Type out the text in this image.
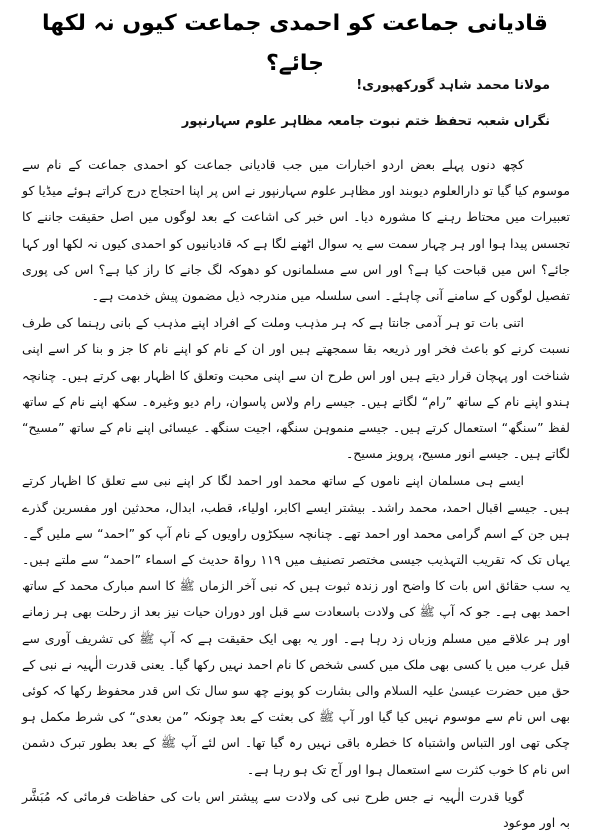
قادیانی جماعت کو احمدی جماعت کیوں نہ لکھا جائے؟
مولانا محمد شاہد گورکھپوری!
نگراں شعبہ تحفظ ختم نبوت جامعہ مظاہر علوم سہارنپور

کچھ دنوں پہلے بعض اردو اخبارات میں جب قادیانی جماعت کو احمدی جماعت کے نام سے موسوم کیا گیا تو دارالعلوم دیوبند اور مظاہر علوم سہارنپور نے اس پر اپنا احتجاج درج کراتے ہوئے میڈیا کو تعبیرات میں محتاط رہنے کا مشورہ دیا۔ اس خبر کی اشاعت کے بعد لوگوں میں اصل حقیقت جاننے کا تجسس پیدا ہوا اور ہر چہار سمت سے یہ سوال اٹھنے لگا ہے کہ قادیانیوں کو احمدی کیوں نہ لکھا اور کہا جائے؟ اس میں قباحت کیا ہے؟ اور اس سے مسلمانوں کو دھوکہ لگ جانے کا راز کیا ہے؟ اس کی پوری تفصیل لوگوں کے سامنے آنی چاہئے۔ اسی سلسلہ میں مندرجہ ذیل مضمون پیش خدمت ہے۔

اتنی بات تو ہر آدمی جانتا ہے کہ ہر مذہب وملت کے افراد اپنے مذہب کے بانی رہنما کی طرف نسبت کرنے کو باعث فخر اور ذریعہ بقا سمجھتے ہیں اور ان کے نام کو اپنے نام کا جز و بنا کر اسے اپنی شناخت اور پہچان قرار دیتے ہیں اور اس طرح ان سے اپنی محبت وتعلق کا اظہار بھی کرتے ہیں۔ چنانچہ ہندو اپنے نام کے ساتھ ”رام“ لگاتے ہیں۔ جیسے رام ولاس پاسوان، رام دیو وغیرہ۔ سکھ اپنے نام کے ساتھ لفظ ”سنگھ“ استعمال کرتے ہیں۔ جیسے منموہن سنگھ، اجیت سنگھ۔ عیسائی اپنے نام کے ساتھ ”مسیح“ لگاتے ہیں۔ جیسے انور مسیح، پرویز مسیح۔

ایسے ہی مسلمان اپنے ناموں کے ساتھ محمد اور احمد لگا کر اپنے نبی سے تعلق کا اظہار کرتے ہیں۔ جیسے اقبال احمد، محمد راشد۔ بیشتر ایسے اکابر، اولیاء، قطب، ابدال، محدثین اور مفسرین گذرے ہیں جن کے اسم گرامی محمد اور احمد تھے۔ چنانچہ سیکڑوں راویوں کے نام آپ کو ”احمد“ سے ملیں گے۔ یہاں تک کہ تقریب التہذیب جیسی مختصر تصنیف میں ۱۱۹ رواۃ حدیث کے اسماء ”احمد“ سے ملتے ہیں۔ یہ سب حقائق اس بات کا واضح اور زندہ ثبوت ہیں کہ نبی آخر الزماں ﷺ کا اسم مبارک محمد کے ساتھ احمد بھی ہے۔ جو کہ آپ ﷺ کی ولادت باسعادت سے قبل اور دوران حیات نیز بعد از رحلت بھی ہر زمانے اور ہر علاقے میں مسلم وزباں زد رہا ہے۔ اور یہ بھی ایک حقیقت ہے کہ آپ ﷺ کی تشریف آوری سے قبل عرب میں یا کسی بھی ملک میں کسی شخص کا نام احمد نہیں رکھا گیا۔ یعنی قدرت الٰہیہ نے نبی کے حق میں حضرت عیسیٰ علیہ السلام والی بشارت کو پونے چھ سو سال تک اس قدر محفوظ رکھا کہ کوئی بھی اس نام سے موسوم نہیں کیا گیا اور آپ ﷺ کی بعثت کے بعد چونکہ ”من بعدی“ کی شرط مکمل ہو چکی تھی اور التباس واشتباہ کا خطرہ باقی نہیں رہ گیا تھا۔ اس لئے آپ ﷺ کے بعد بطور تبرک دشمن اس نام کا خوب کثرت سے استعمال ہوا اور آج تک ہو رہا ہے۔

گویا قدرت الٰہیہ نے جس طرح نبی کی ولادت سے پیشتر اس بات کی حفاظت فرمائی کہ مُبَشَّر بہ اور موعود
